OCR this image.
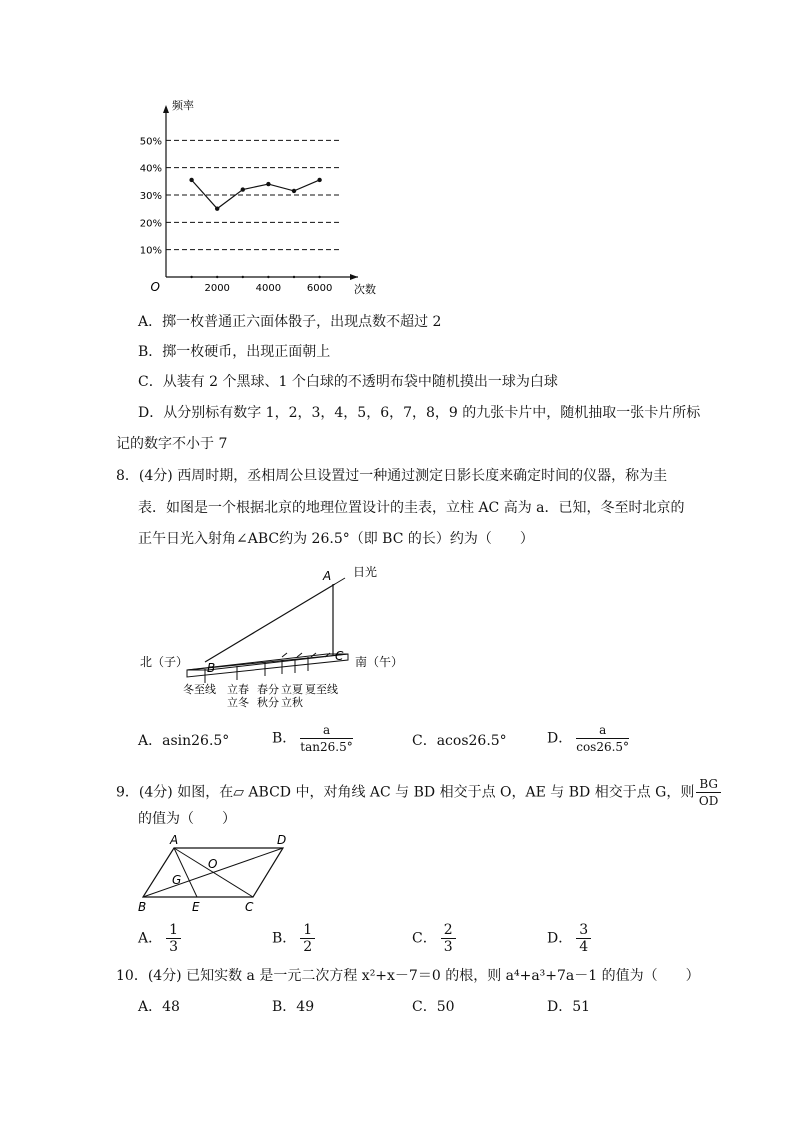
10%
20%
30%
40%
50%
2000	4000	6000
频率
次数
O
A．掷一枚普通正六面体骰子，出现点数不超过 2
B．掷一枚硬币，出现正面朝上
C．从装有 2 个黑球、1 个白球的不透明布袋中随机摸出一球为白球
D．从分别标有数字 1，2，3，4，5，6，7，8，9 的九张卡片中，随机抽取一张卡片所标
记的数字不小于 7
8．(4分) 西周时期，丞相周公旦设置过一种通过测定日影长度来确定时间的仪器，称为圭
表．如图是一个根据北京的地理位置设计的圭表，立柱 AC 高为 a．已知，冬至时北京的
正午日光入射角∠ABC约为 26.5°（即 BC 的长）约为（　　）
A
B
C
日光
北（子）	南（午）
冬至线 立春
立冬
春分
秋分
立夏
立秋
夏至线
A．asin26.5°	B． $\frac{a}{\tan 26.5^\circ}$	C．acos26.5°	D． $\frac{a}{\cos 26.5^\circ}$
9．(4分) 如图，在▱ ABCD 中，对角线 AC 与 BD 相交于点 O，AE 与 BD 相交于点 G，则 $\frac{BG}{OD}$
的值为（　　）
A	D
B	C
E
G
O
A． $\frac{1}{3}$	B． $\frac{1}{2}$	C． $\frac{2}{3}$	D． $\frac{3}{4}$
10．(4分) 已知实数 a 是一元二次方程 x²+x－7＝0 的根，则 a⁴+a³+7a－1 的值为（　　）
A．48	B．49	C．50	D．51
